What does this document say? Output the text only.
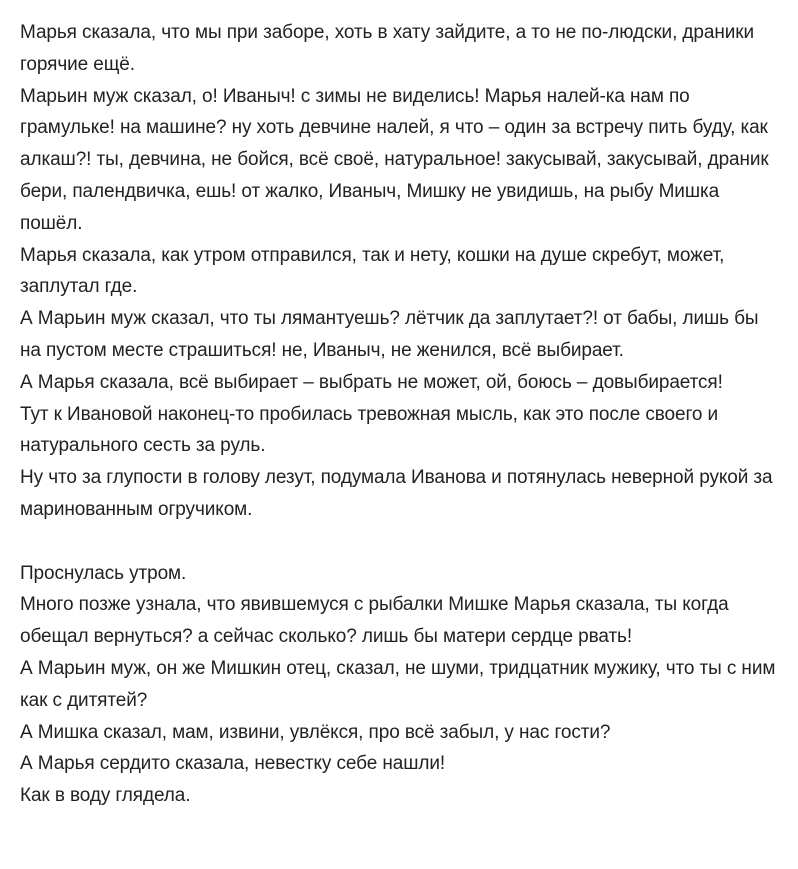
Марья сказала, что мы при заборе, хоть в хату зайдите, а то не по-людски, драники горячие ещё.

Марьин муж сказал, о! Иваныч! с зимы не виделись! Марья налей-ка нам по грамульке! на машине? ну хоть девчине налей, я что – один за встречу пить буду, как алкаш?! ты, девчина, не бойся, всё своё, натуральное! закусывай, закусывай, драник бери, палендвичка, ешь! от жалко, Иваныч, Мишку не увидишь, на рыбу Мишка пошёл.

Марья сказала, как утром отправился, так и нету, кошки на душе скребут, может, заплутал где.

А Марьин муж сказал, что ты лямантуешь? лётчик да заплутает?! от бабы, лишь бы на пустом месте страшиться! не, Иваныч, не женился, всё выбирает.

А Марья сказала, всё выбирает – выбрать не может, ой, боюсь – довыбирается!

Тут к Ивановой наконец-то пробилась тревожная мысль, как это после своего и натурального сесть за руль.

Ну что за глупости в голову лезут, подумала Иванова и потянулась неверной рукой за маринованным огручиком.

Проснулась утром.

Много позже узнала, что явившемуся с рыбалки Мишке Марья сказала, ты когда обещал вернуться? а сейчас сколько? лишь бы матери сердце рвать!

А Марьин муж, он же Мишкин отец, сказал, не шуми, тридцатник мужику, что ты с ним как с дитятей?

А Мишка сказал, мам, извини, увлёкся, про всё забыл, у нас гости?

А Марья сердито сказала, невестку себе нашли!

Как в воду глядела.
